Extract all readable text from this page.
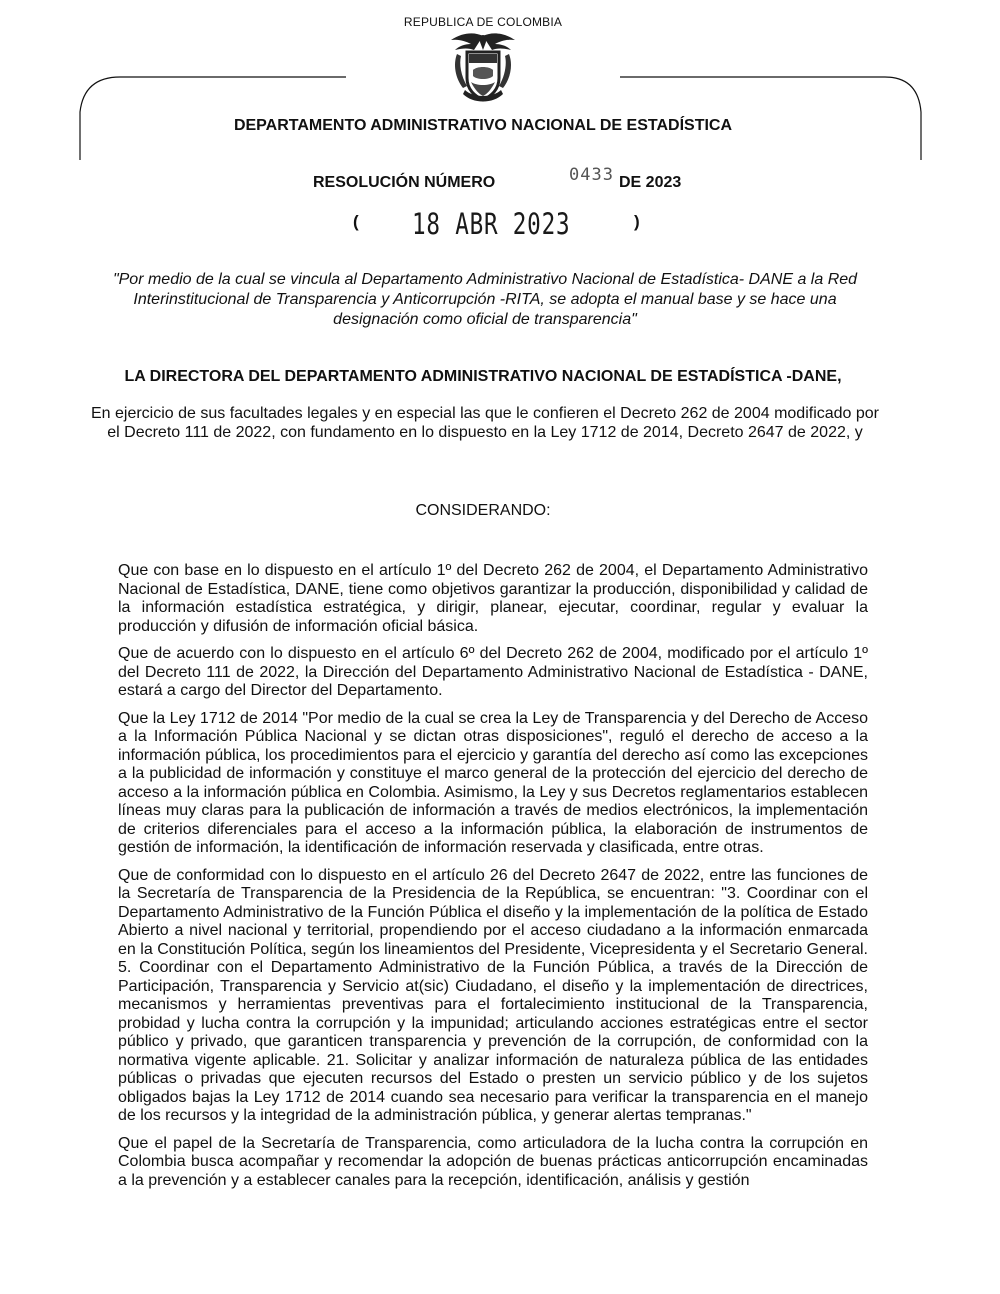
REPUBLICA DE COLOMBIA
DEPARTAMENTO ADMINISTRATIVO NACIONAL DE ESTADÍSTICA
RESOLUCIÓN NÚMERO	0433 DE 2023
( 18 ABR 2023	)
"Por medio de la cual se vincula al Departamento Administrativo Nacional de Estadística- DANE a la Red Interinstitucional de Transparencia y Anticorrupción -RITA, se adopta el manual base y se hace una designación como oficial de transparencia"
LA DIRECTORA DEL DEPARTAMENTO ADMINISTRATIVO NACIONAL DE ESTADÍSTICA -DANE,
En ejercicio de sus facultades legales y en especial las que le confieren el Decreto 262 de 2004 modificado por el Decreto 111 de 2022, con fundamento en lo dispuesto en la Ley 1712 de 2014, Decreto 2647 de 2022, y
CONSIDERANDO:

Que con base en lo dispuesto en el artículo 1º del Decreto 262 de 2004, el Departamento Administrativo Nacional de Estadística, DANE, tiene como objetivos garantizar la producción, disponibilidad y calidad de la información estadística estratégica, y dirigir, planear, ejecutar, coordinar, regular y evaluar la producción y difusión de información oficial básica.

Que de acuerdo con lo dispuesto en el artículo 6º del Decreto 262 de 2004, modificado por el artículo 1º del Decreto 111 de 2022, la Dirección del Departamento Administrativo Nacional de Estadística - DANE, estará a cargo del Director del Departamento.

Que la Ley 1712 de 2014 "Por medio de la cual se crea la Ley de Transparencia y del Derecho de Acceso a la Información Pública Nacional y se dictan otras disposiciones", reguló el derecho de acceso a la información pública, los procedimientos para el ejercicio y garantía del derecho así como las excepciones a la publicidad de información y constituye el marco general de la protección del ejercicio del derecho de acceso a la información pública en Colombia. Asimismo, la Ley y sus Decretos reglamentarios establecen líneas muy claras para la publicación de información a través de medios electrónicos, la implementación de criterios diferenciales para el acceso a la información pública, la elaboración de instrumentos de gestión de información, la identificación de información reservada y clasificada, entre otras.

Que de conformidad con lo dispuesto en el artículo 26 del Decreto 2647 de 2022, entre las funciones de la Secretaría de Transparencia de la Presidencia de la República, se encuentran: "3. Coordinar con el Departamento Administrativo de la Función Pública el diseño y la implementación de la política de Estado Abierto a nivel nacional y territorial, propendiendo por el acceso ciudadano a la información enmarcada en la Constitución Política, según los lineamientos del Presidente, Vicepresidenta y el Secretario General. 5. Coordinar con el Departamento Administrativo de la Función Pública, a través de la Dirección de Participación, Transparencia y Servicio at(sic) Ciudadano, el diseño y la implementación de directrices, mecanismos y herramientas preventivas para el fortalecimiento institucional de la Transparencia, probidad y lucha contra la corrupción y la impunidad; articulando acciones estratégicas entre el sector público y privado, que garanticen transparencia y prevención de la corrupción, de conformidad con la normativa vigente aplicable. 21. Solicitar y analizar información de naturaleza pública de las entidades públicas o privadas que ejecuten recursos del Estado o presten un servicio público y de los sujetos obligados bajas la Ley 1712 de 2014 cuando sea necesario para verificar la transparencia en el manejo de los recursos y la integridad de la administración pública, y generar alertas tempranas."

Que el papel de la Secretaría de Transparencia, como articuladora de la lucha contra la corrupción en Colombia busca acompañar y recomendar la adopción de buenas prácticas anticorrupción encaminadas a la prevención y a establecer canales para la recepción, identificación, análisis y gestión
